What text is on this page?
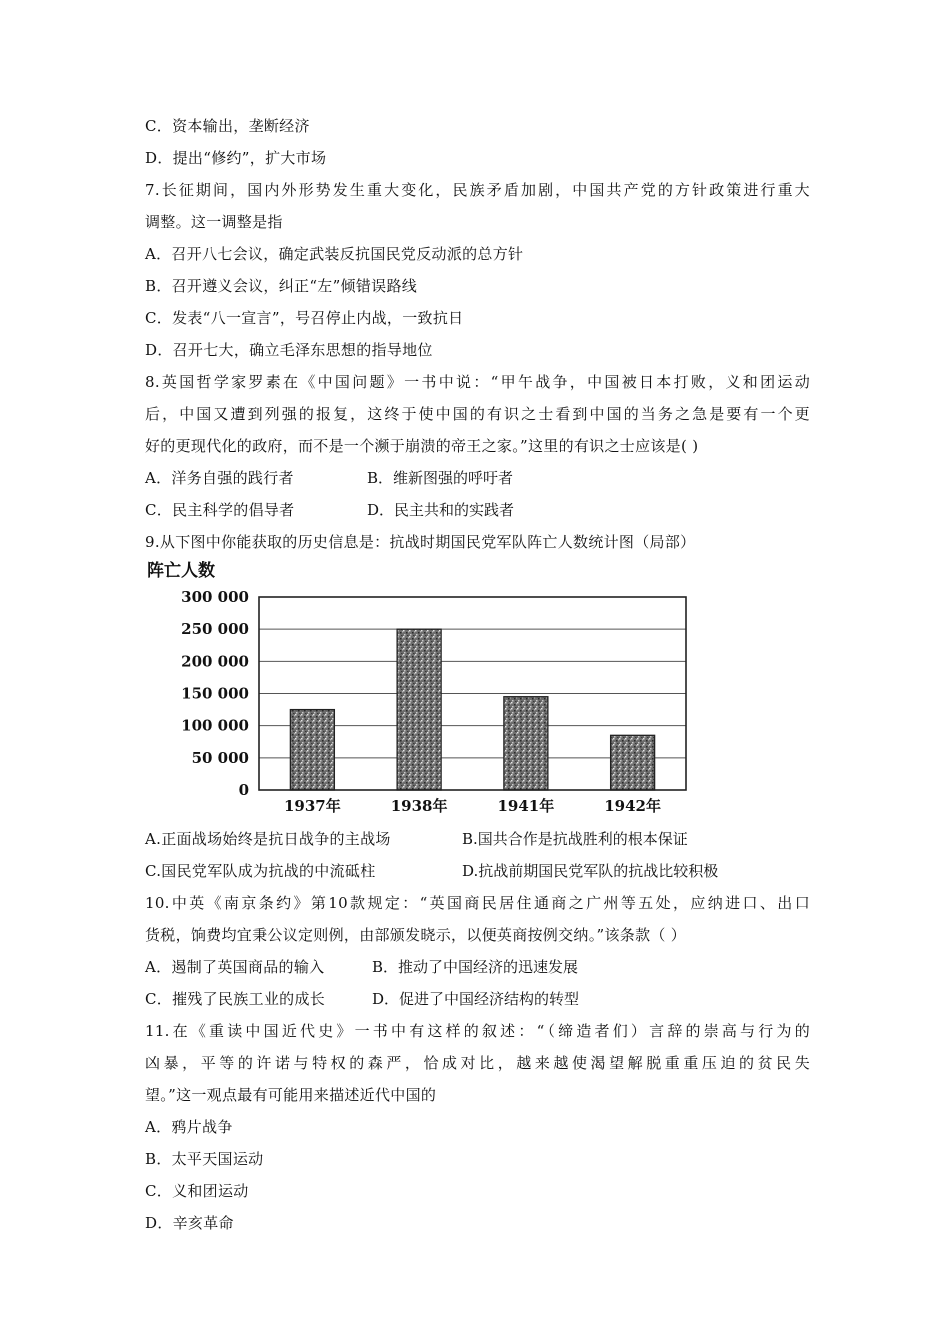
C．资本输出，垄断经济
D．提出“修约”，扩大市场
7.长征期间，国内外形势发生重大变化，民族矛盾加剧，中国共产党的方针政策进行重大
调整。这一调整是指
A．召开八七会议，确定武装反抗国民党反动派的总方针
B．召开遵义会议，纠正“左”倾错误路线
C．发表“八一宣言”，号召停止内战，一致抗日
D．召开七大，确立毛泽东思想的指导地位
8.英国哲学家罗素在《中国问题》一书中说：“甲午战争，中国被日本打败，义和团运动
后，中国又遭到列强的报复，这终于使中国的有识之士看到中国的当务之急是要有一个更
好的更现代化的政府，而不是一个濒于崩溃的帝王之家。”这里的有识之士应该是( )
A．洋务自强的践行者	B．维新图强的呼吁者
C．民主科学的倡导者	D．民主共和的实践者
9.从下图中你能获取的历史信息是：抗战时期国民党军队阵亡人数统计图（局部）
阵亡人数
300 000
250 000
200 000
150 000
100 000
50 000
0
1937年	1938年	1941年	1942年
A.正面战场始终是抗日战争的主战场	B.国共合作是抗战胜利的根本保证
C.国民党军队成为抗战的中流砥柱	D.抗战前期国民党军队的抗战比较积极
10.中英《南京条约》第10款规定：“英国商民居住通商之广州等五处，应纳进口、出口
货税，饷费均宜秉公议定则例，由部颁发晓示，以便英商按例交纳。”该条款（ ）
A．遏制了英国商品的输入	B．推动了中国经济的迅速发展
C．摧残了民族工业的成长	D．促进了中国经济结构的转型
11.在《重读中国近代史》一书中有这样的叙述：“（缔造者们）言辞的崇高与行为的
凶暴，平等的许诺与特权的森严，恰成对比，越来越使渴望解脱重重压迫的贫民失
望。”这一观点最有可能用来描述近代中国的
A．鸦片战争
B．太平天国运动
C．义和团运动
D．辛亥革命
